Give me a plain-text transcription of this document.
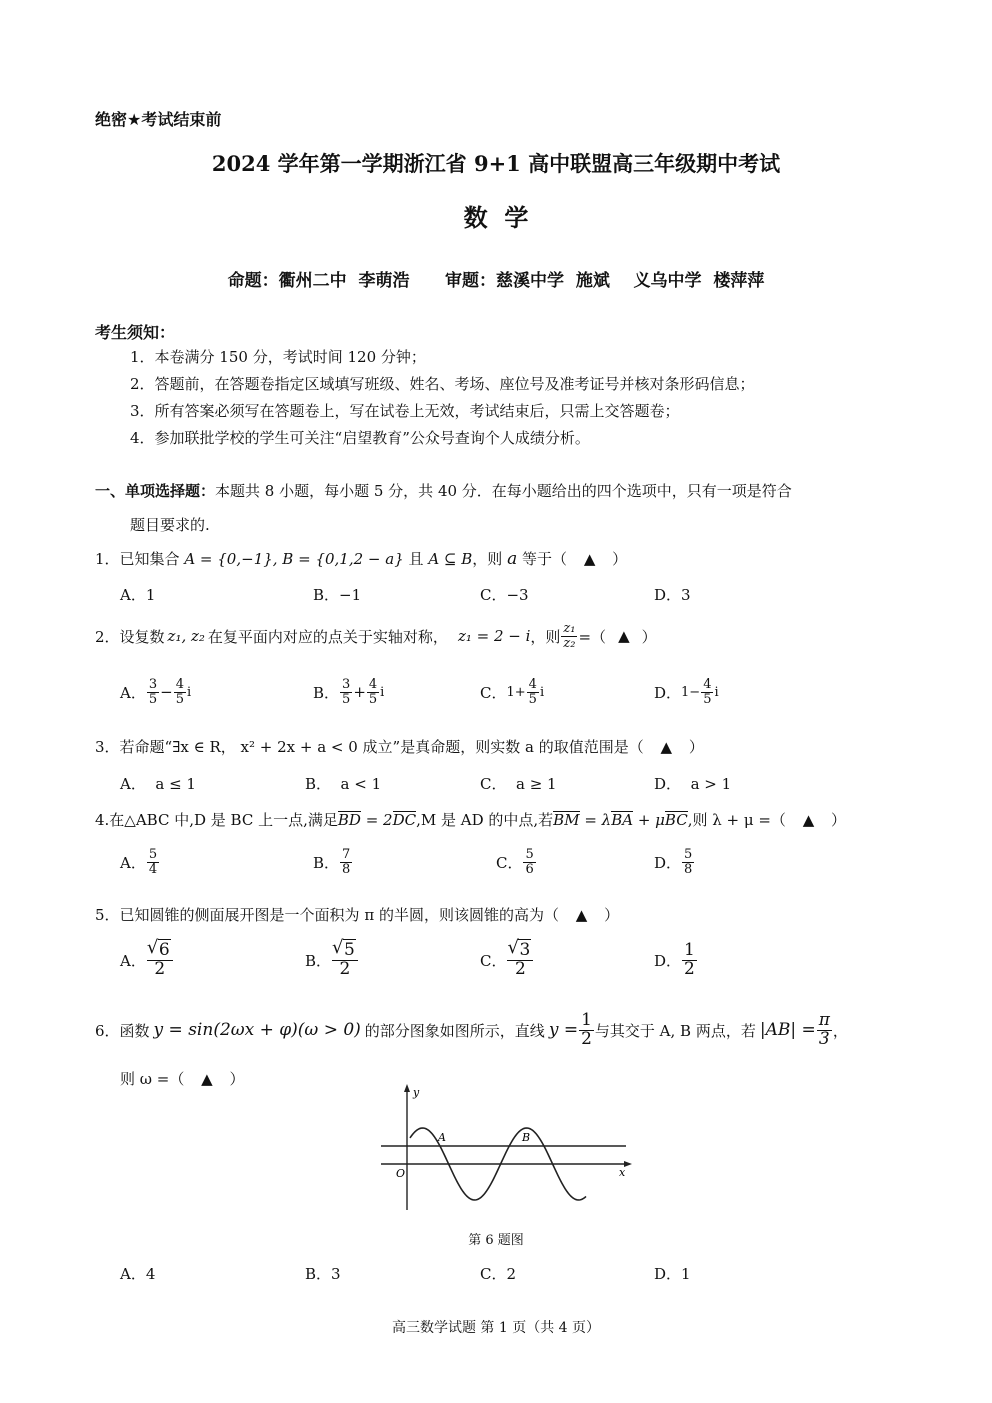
绝密★考试结束前
2024 学年第一学期浙江省 9+1 高中联盟高三年级期中考试
数  学
命题：衢州二中  李萌浩      审题：慈溪中学  施斌    义乌中学  楼萍萍
考生须知：
1．本卷满分 150 分，考试时间 120 分钟；
2．答题前，在答题卷指定区域填写班级、姓名、考场、座位号及准考证号并核对条形码信息；
3．所有答案必须写在答题卷上，写在试卷上无效，考试结束后，只需上交答题卷；
4．参加联批学校的学生可关注“启望教育”公众号查询个人成绩分析。
一、单项选择题：本题共 8 小题，每小题 5 分，共 40 分．在每小题给出的四个选项中，只有一项是符合
题目要求的.
1．已知集合 A = {0,−1}, B = {0,1,2 − a} 且 A ⊆ B，则 a 等于（ ▲ ）
A．1	B．−1	C．−3	D．3
2．设复数 z₁, z₂ 在复平面内对应的点关于实轴对称， z₁ = 2 − i ，则 $\frac{\text{z₁}}{\text{z₂}}$ =（ ▲ ）
A． $\frac{3}{5} - \frac{4}{5}$ i	B． $\frac{3}{5} + \frac{4}{5}$ i	C． $1+ \frac{4}{5}$ i	D． $1- \frac{4}{5}$ i
3．若命题“∃x ∈ R， x² + 2x + a < 0 成立”是真命题，则实数 a 的取值范围是（ ▲ ）
A．  a ≤ 1	B．  a < 1	C．  a ≥ 1	D．  a > 1
4.在△ABC 中,D 是 BC 上一点,满足BD = 2DC,M 是 AD 的中点,若BM = λBA + μBC,则 λ + μ =（ ▲ ）
A． $\frac{5}{4}$	B． $\frac{7}{8}$	C． $\frac{5}{6}$	D． $\frac{5}{8}$
5．已知圆锥的侧面展开图是一个面积为 π 的半圆，则该圆锥的高为（ ▲ ）
A． √ $\frac{6}{2}$	B． √ $\frac{5}{2}$	C． √ $\frac{3}{2}$	D． $\frac{1}{2}$
6．函数 y = sin(2ωx + φ)(ω > 0) 的部分图象如图所示，直线 $y = \frac{1}{2}$ 与其交于 A, B 两点，若 $|AB| = \frac{\pi}{3}$ ，
则 ω =（ ▲ ）
y
x
O
A	B
第 6 题图
A．4	B．3	C．2	D．1
高三数学试题 第 1 页（共 4 页）
